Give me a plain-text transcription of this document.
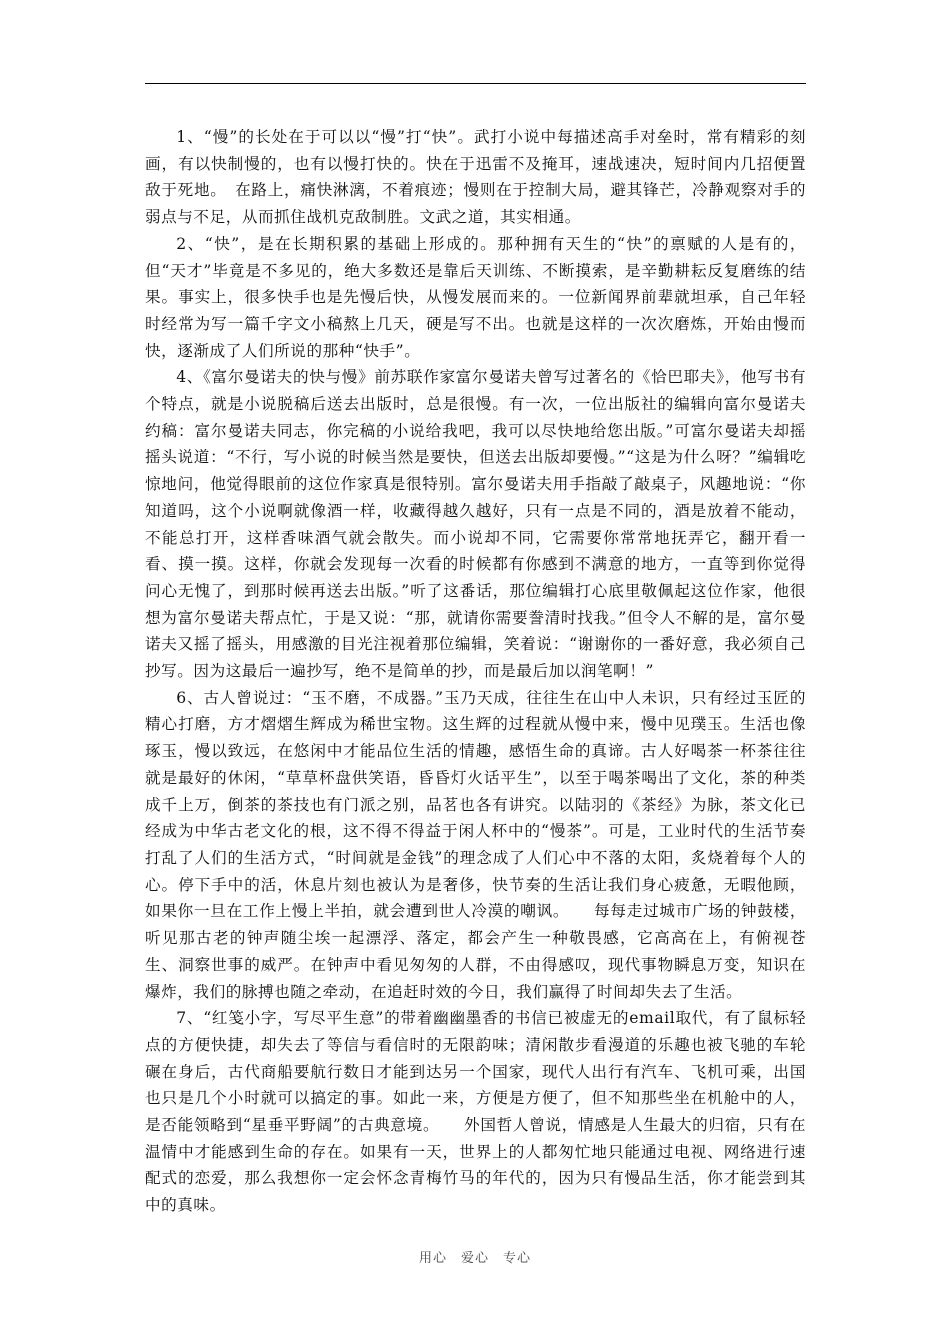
1、“慢”的长处在于可以以“慢”打“快”。武打小说中每描述高手对垒时，常有精彩的刻画，有以快制慢的，也有以慢打快的。快在于迅雷不及掩耳，速战速决，短时间内几招便置敌于死地。　在路上，痛快淋漓，不着痕迹；慢则在于控制大局，避其锋芒，冷静观察对手的弱点与不足，从而抓住战机克敌制胜。文武之道，其实相通。

2、“快”，是在长期积累的基础上形成的。那种拥有天生的“快”的禀赋的人是有的，但“天才”毕竟是不多见的，绝大多数还是靠后天训练、不断摸索，是辛勤耕耘反复磨练的结果。事实上，很多快手也是先慢后快，从慢发展而来的。一位新闻界前辈就坦承，自己年轻时经常为写一篇千字文小稿熬上几天，硬是写不出。也就是这样的一次次磨炼，开始由慢而快，逐渐成了人们所说的那种“快手”。

4、《富尔曼诺夫的快与慢》前苏联作家富尔曼诺夫曾写过著名的《恰巴耶夫》，他写书有个特点，就是小说脱稿后送去出版时，总是很慢。有一次，一位出版社的编辑向富尔曼诺夫约稿：富尔曼诺夫同志，你完稿的小说给我吧，我可以尽快地给您出版。”可富尔曼诺夫却摇摇头说道：“不行，写小说的时候当然是要快，但送去出版却要慢。”“这是为什么呀？”编辑吃惊地问，他觉得眼前的这位作家真是很特别。富尔曼诺夫用手指敲了敲桌子，风趣地说：“你知道吗，这个小说啊就像酒一样，收藏得越久越好，只有一点是不同的，酒是放着不能动，不能总打开，这样香味酒气就会散失。而小说却不同，它需要你常常地抚弄它，翻开看一看、摸一摸。这样，你就会发现每一次看的时候都有你感到不满意的地方，一直等到你觉得问心无愧了，到那时候再送去出版。”听了这番话，那位编辑打心底里敬佩起这位作家，他很想为富尔曼诺夫帮点忙，于是又说：“那，就请你需要誊清时找我。”但令人不解的是，富尔曼诺夫又摇了摇头，用感激的目光注视着那位编辑，笑着说：“谢谢你的一番好意，我必须自己抄写。因为这最后一遍抄写，绝不是简单的抄，而是最后加以润笔啊！”

6、古人曾说过：“玉不磨，不成器。”玉乃天成，往往生在山中人未识，只有经过玉匠的精心打磨，方才熠熠生辉成为稀世宝物。这生辉的过程就从慢中来，慢中见璞玉。生活也像琢玉，慢以致远，在悠闲中才能品位生活的情趣，感悟生命的真谛。古人好喝茶一杯茶往往就是最好的休闲，“草草杯盘供笑语，昏昏灯火话平生”，以至于喝茶喝出了文化，茶的种类成千上万，倒茶的茶技也有门派之别，品茗也各有讲究。以陆羽的《茶经》为脉，茶文化已经成为中华古老文化的根，这不得不得益于闲人杯中的“慢茶”。可是，工业时代的生活节奏打乱了人们的生活方式，“时间就是金钱”的理念成了人们心中不落的太阳，炙烧着每个人的心。停下手中的活，休息片刻也被认为是奢侈，快节奏的生活让我们身心疲惫，无暇他顾，如果你一旦在工作上慢上半拍，就会遭到世人冷漠的嘲讽。　　每每走过城市广场的钟鼓楼，听见那古老的钟声随尘埃一起漂浮、落定，都会产生一种敬畏感，它高高在上，有俯视苍生、洞察世事的威严。在钟声中看见匆匆的人群，不由得感叹，现代事物瞬息万变，知识在爆炸，我们的脉搏也随之牵动，在追赶时效的今日，我们赢得了时间却失去了生活。

7、“红笺小字，写尽平生意”的带着幽幽墨香的书信已被虚无的email取代，有了鼠标轻点的方便快捷，却失去了等信与看信时的无限韵味；清闲散步看漫道的乐趣也被飞驰的车轮碾在身后，古代商船要航行数日才能到达另一个国家，现代人出行有汽车、飞机可乘，出国也只是几个小时就可以搞定的事。如此一来，方便是方便了，但不知那些坐在机舱中的人，是否能领略到“星垂平野阔”的古典意境。　　外国哲人曾说，情感是人生最大的归宿，只有在温情中才能感到生命的存在。如果有一天，世界上的人都匆忙地只能通过电视、网络进行速配式的恋爱，那么我想你一定会怀念青梅竹马的年代的，因为只有慢品生活，你才能尝到其中的真味。

用心　爱心　专心
